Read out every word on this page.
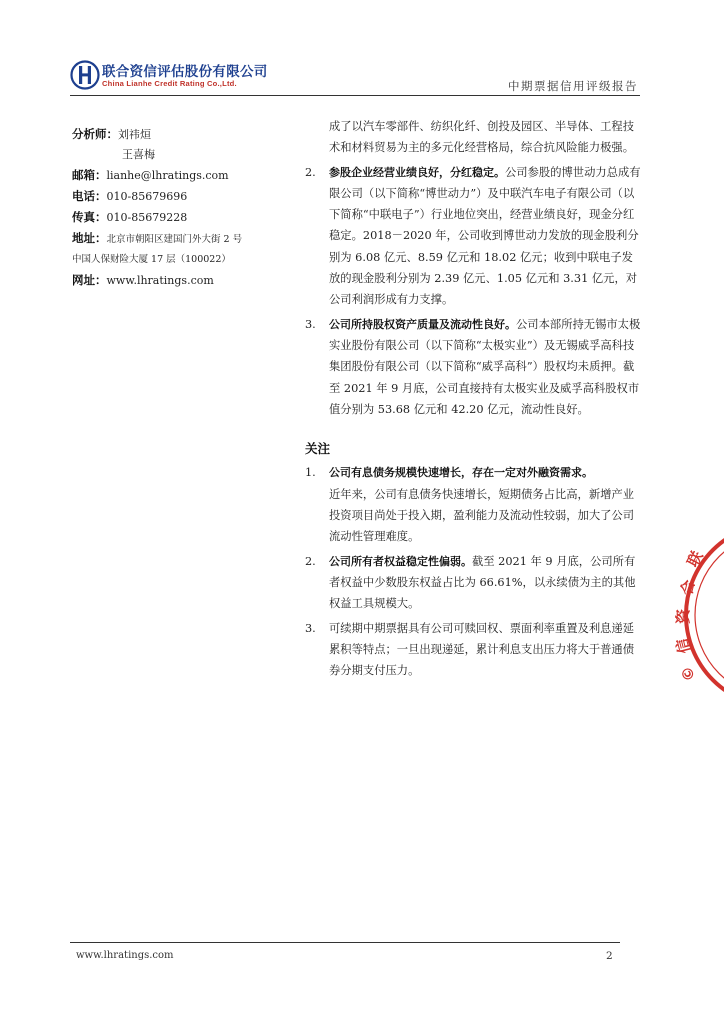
联合资信评估股份有限公司
China Lianhe Credit Rating Co.,Ltd.	中期票据信用评级报告
分析师：刘祎烜
王喜梅
邮箱：lianhe@lhratings.com
电话：010-85679696
传真：010-85679228
地址：北京市朝阳区建国门外大街 2 号
中国人保财险大厦 17 层（100022）
网址：www.lhratings.com
成了以汽车零部件、纺织化纤、创投及园区、半导体、工程技术和材料贸易为主的多元化经营格局，综合抗风险能力极强。
2. 参股企业经营业绩良好，分红稳定。公司参股的博世动力总成有限公司（以下简称“博世动力”）及中联汽车电子有限公司（以下简称“中联电子”）行业地位突出，经营业绩良好，现金分红稳定。2018－2020 年，公司收到博世动力发放的现金股利分别为 6.08 亿元、8.59 亿元和 18.02 亿元；收到中联电子发放的现金股利分别为 2.39 亿元、1.05 亿元和 3.31 亿元，对公司利润形成有力支撑。
3. 公司所持股权资产质量及流动性良好。公司本部所持无锡市太极实业股份有限公司（以下简称“太极实业”）及无锡威孚高科技集团股份有限公司（以下简称“威孚高科”）股权均未质押。截至 2021 年 9 月底，公司直接持有太极实业及威孚高科股权市值分别为 53.68 亿元和 42.20 亿元，流动性良好。
关注
1. 公司有息债务规模快速增长，存在一定对外融资需求。
近年来，公司有息债务快速增长，短期债务占比高，新增产业投资项目尚处于投入期，盈利能力及流动性较弱，加大了公司流动性管理难度。
2. 公司所有者权益稳定性偏弱。截至 2021 年 9 月底，公司所有者权益中少数股东权益占比为 66.61%，以永续债为主的其他权益工具规模大。
3. 可续期中期票据具有公司可赎回权、票面利率重置及利息递延累积等特点；一旦出现递延，累计利息支出压力将大于普通债券分期支付压力。
联
合
资
信
©
www.lhratings.com	2
